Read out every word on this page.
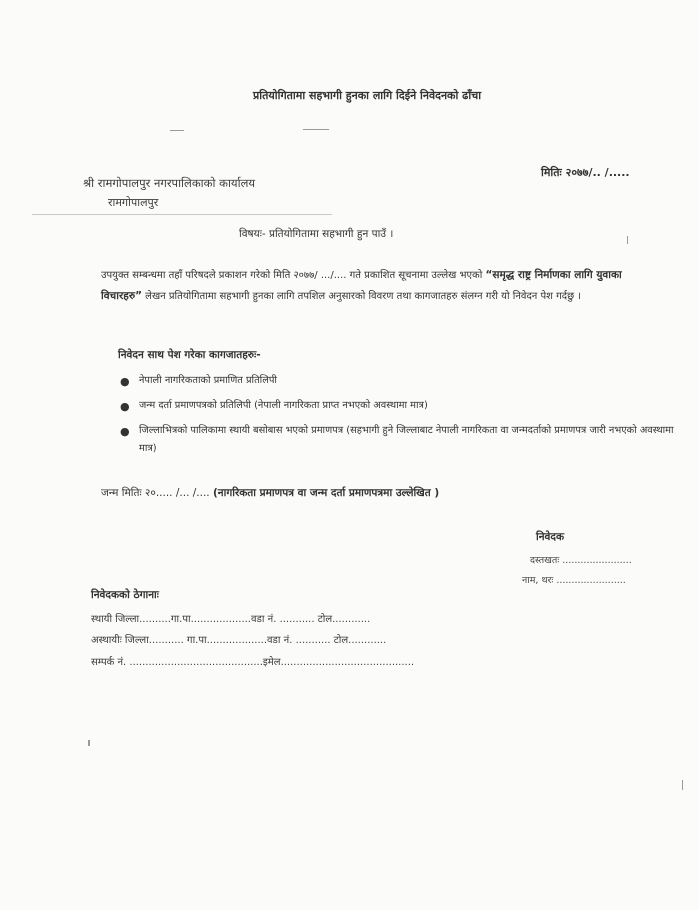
प्रतियोगितामा सहभागी हुनका लागि दिईने निवेदनको ढाँचा
मितिः २०७७/.. /.....
श्री रामगोपालपुर नगरपालिकाको कार्यालय
रामगोपालपुर
विषयः- प्रतियोगितामा सहभागी हुन पाउँ ।
उपयुक्त सम्बन्धमा तहाँ परिषदले प्रकाशन गरेको मिति २०७७/ .../.... गते प्रकाशित सूचनामा उल्लेख भएको “समृद्ध राष्ट्र निर्माणका लागि युवाका विचारहरु” लेखन प्रतियोगितामा सहभागी हुनका लागि तपशिल अनुसारको विवरण तथा कागजातहरु संलग्न गरी यो निवेदन पेश गर्दछु ।
निवेदन साथ पेश गरेका कागजातहरुः-
● नेपाली नागरिकताको प्रमाणित प्रतिलिपी
● जन्म दर्ता प्रमाणपत्रको प्रतिलिपी (नेपाली नागरिकता प्राप्त नभएको अवस्थामा मात्र)
● जिल्लाभित्रको पालिकामा स्थायी बसोबास भएको प्रमाणपत्र (सहभागी हुने जिल्लाबाट नेपाली नागरिकता वा जन्मदर्ताको प्रमाणपत्र जारी नभएको अवस्थामा मात्र)
जन्म मितिः २०..... /... /.... (नागरिकता प्रमाणपत्र वा जन्म दर्ता प्रमाणपत्रमा उल्लेखित )
निवेदक
दस्तखतः .......................
नाम, थरः .......................
निवेदकको ठेगानाः
स्थायी जिल्ला..........गा.पा...................वडा नं. ........... टोल............
अस्थायीः जिल्ला........... गा.पा...................वडा नं. ........... टोल............
सम्पर्क नं. ..........................................इमेल..........................................
